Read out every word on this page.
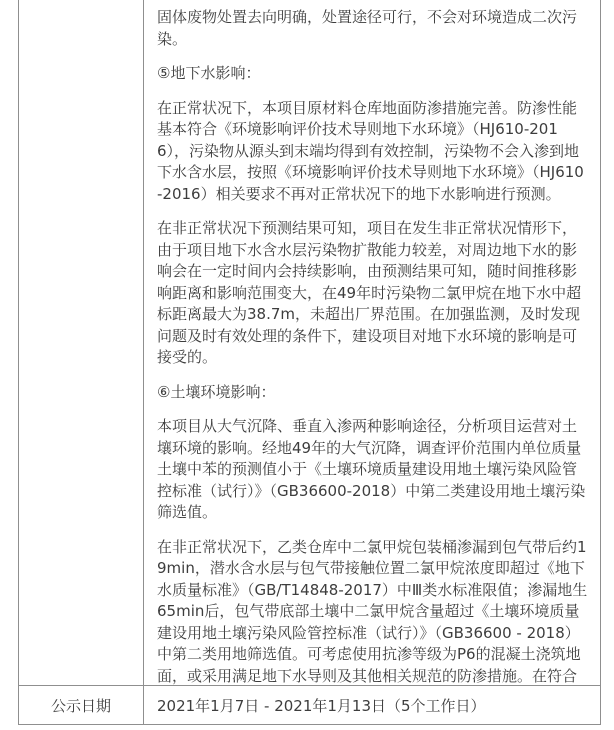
固体废物处置去向明确，处置途径可行，不会对环境造成二次污染。

⑤地下水影响：

在正常状况下，本项目原材料仓库地面防渗措施完善。防渗性能基本符合《环境影响评价技术导则地下水环境》（HJ610-2016），污染物从源头到末端均得到有效控制，污染物不会入渗到地下水含水层，按照《环境影响评价技术导则地下水环境》（HJ610-2016）相关要求不再对正常状况下的地下水影响进行预测。

在非正常状况下预测结果可知，项目在发生非正常状况情形下，由于项目地下水含水层污染物扩散能力较差，对周边地下水的影响会在一定时间内会持续影响，由预测结果可知，随时间推移影响距离和影响范围变大，在49年时污染物二氯甲烷在地下水中超标距离最大为38.7m，未超出厂界范围。在加强监测，及时发现问题及时有效处理的条件下，建设项目对地下水环境的影响是可接受的。

⑥土壤环境影响：

本项目从大气沉降、垂直入渗两种影响途径，分析项目运营对土壤环境的影响。经地49年的大气沉降，调查评价范围内单位质量土壤中苯的预测值小于《土壤环境质量建设用地土壤污染风险管控标准（试行）》（GB36600-2018）中第二类建设用地土壤污染筛选值。

在非正常状况下，乙类仓库中二氯甲烷包装桶渗漏到包气带后约19min，潜水含水层与包气带接触位置二氯甲烷浓度即超过《地下水质量标准》（GB/T14848-2017）中Ⅲ类水标准限值；渗漏地生65min后，包气带底部土壤中二氯甲烷含量超过《土壤环境质量建设用地土壤污染风险管控标准（试行）》（GB36600 - 2018）中第二类用地筛选值。可考虑使用抗渗等级为P6的混凝土浇筑地面，或采用满足地下水导则及其他相关规范的防渗措施。在符合

公示日期	2021年1月7日 - 2021年1月13日（5个工作日）
